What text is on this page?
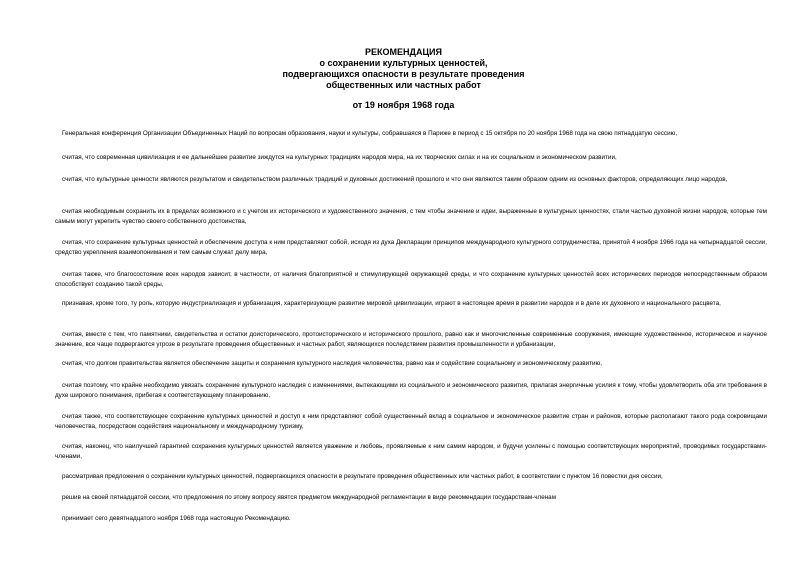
РЕКОМЕНДАЦИЯ
о сохранении культурных ценностей,
подвергающихся опасности в результате проведения
общественных или частных работ
от 19 ноября 1968 года

Генеральная конференция Организации Объединенных Наций по вопросам образования, науки и культуры, собравшаяся в Париже в период с 15 октября по 20 ноября 1968 года на свою пятнадцатую сессию,

считая, что современная цивилизация и ее дальнейшее развитие зиждутся на культурных традициях народов мира, на их творческих силах и на их социальном и экономическом развитии,

считая, что культурные ценности являются результатом и свидетельством различных традиций и духовных достижений прошлого и что они являются таким образом одним из основных факторов, определяющих лицо народов,

считая необходимым сохранить их в пределах возможного и с учетом их исторического и художественного значения, с тем чтобы значение и идеи, выраженные в культурных ценностях, стали частью духовной жизни народов, которые тем самым могут укрепить чувство своего собственного достоинства,

считая, что сохранение культурных ценностей и обеспечение доступа к ним представляют собой, исходя из духа Декларации принципов международного культурного сотрудничества, принятой 4 ноября 1966 года на четырнадцатой сессии, средство укрепления взаимопонимания и тем самым служат делу мира,

считая также, что благосостояние всех народов зависит, в частности, от наличия благоприятной и стимулирующей окружающей среды, и что сохранение культурных ценностей всех исторических периодов непосредственным образом способствует созданию такой среды,

признавая, кроме того, ту роль, которую индустриализация и урбанизация, характеризующие развитие мировой цивилизации, играют в настоящее время в развитии народов и в деле их духовного и национального расцвета,

считая, вместе с тем, что памятники, свидетельства и остатки доисторического, протоисторического и исторического прошлого, равно как и многочисленные современные сооружения, имеющие художественное, историческое и научное значение, все чаще подвергаются угрозе в результате проведения общественных и частных работ, являющихся последствием развития промышленности и урбанизации,

считая, что долгом правительства является обеспечение защиты и сохранения культурного наследия человечества, равно как и содействие социальному и экономическому развитию,

считая поэтому, что крайне необходимо увязать сохранение культурного наследия с изменениями, вытекающими из социального и экономического развития, прилагая энергичные усилия к тому, чтобы удовлетворить оба эти требования в духе широкого понимания, прибегая к соответствующему планированию,

считая также, что соответствующее сохранение культурных ценностей и доступ к ним представляют собой существенный вклад в социальное и экономическое развитие стран и районов, которые располагают такого рода сокровищами человечества, посредством содействия национальному и международному туризму,

считая, наконец, что наилучшей гарантией сохранения культурных ценностей является уважение и любовь, проявляемые к ним самим народом, и будучи усилены с помощью соответствующих мероприятий, проводимых государствами-членами,

рассматривая предложения о сохранении культурных ценностей, подвергающихся опасности в результате проведения общественных или частных работ, в соответствии с пунктом 16 повестки дня сессии,

решив на своей пятнадцатой сессии, что предложения по этому вопросу явятся предметом международной регламентации в виде рекомендации государствам-членам

принимает сего девятнадцатого ноября 1968 года настоящую Рекомендацию.
